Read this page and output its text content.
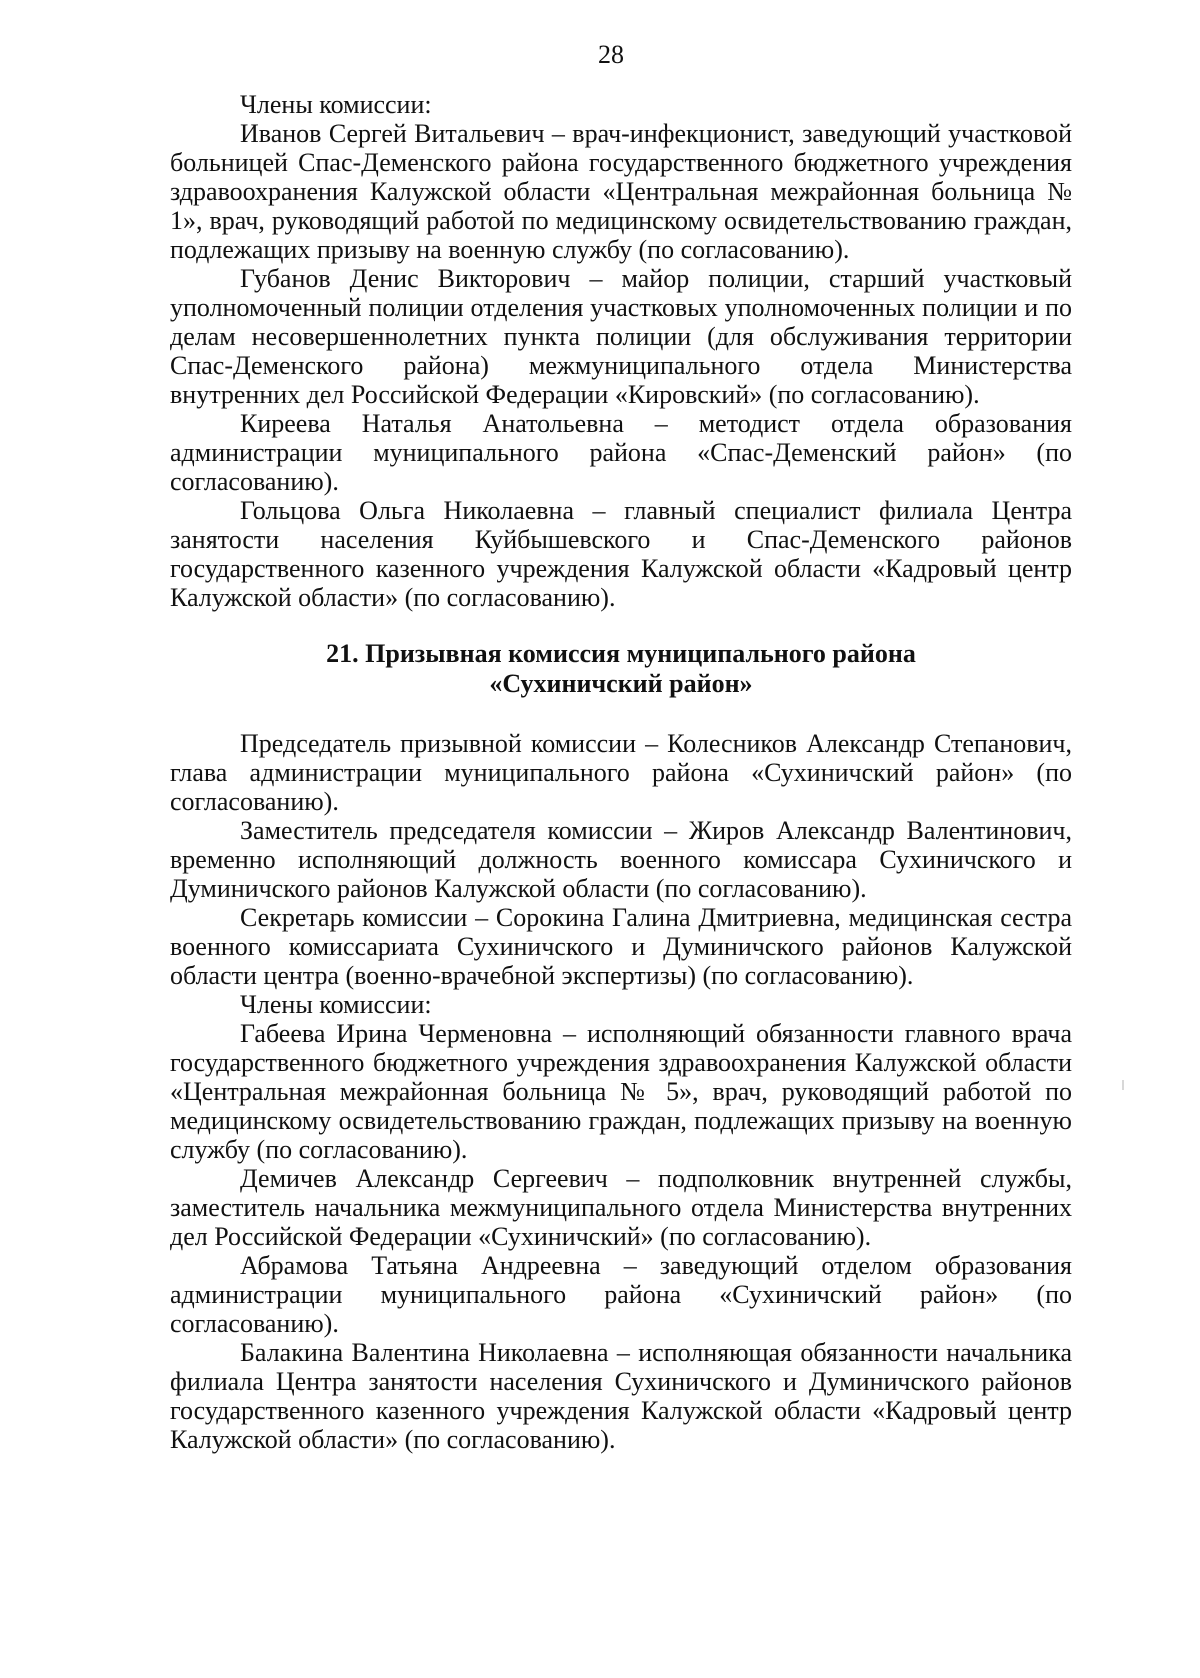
28

Члены комиссии:

Иванов Сергей Витальевич – врач-инфекционист, заведующий участковой больницей Спас-Деменского района государственного бюджетного учреждения здравоохранения Калужской области «Центральная межрайонная больница № 1», врач, руководящий работой по медицинскому освидетельствованию граждан, подлежащих призыву на военную службу (по согласованию).

Губанов Денис Викторович – майор полиции, старший участковый уполномоченный полиции отделения участковых уполномоченных полиции и по делам несовершеннолетних пункта полиции (для обслуживания территории Спас-Деменского района) межмуниципального отдела Министерства внутренних дел Российской Федерации «Кировский» (по согласованию).

Киреева Наталья Анатольевна – методист отдела образования администрации муниципального района «Спас-Деменский район» (по согласованию).

Гольцова Ольга Николаевна – главный специалист филиала Центра занятости населения Куйбышевского и Спас-Деменского районов государственного казенного учреждения Калужской области «Кадровый центр Калужской области» (по согласованию).

21. Призывная комиссия муниципального района
«Сухиничский район»

Председатель призывной комиссии – Колесников Александр Степанович, глава администрации муниципального района «Сухиничский район» (по согласованию).

Заместитель председателя комиссии – Жиров Александр Валентинович, временно исполняющий должность военного комиссара Сухиничского и Думиничского районов Калужской области (по согласованию).

Секретарь комиссии – Сорокина Галина Дмитриевна, медицинская сестра военного комиссариата Сухиничского и Думиничского районов Калужской области центра (военно-врачебной экспертизы) (по согласованию).

Члены комиссии:

Габеева Ирина Черменовна – исполняющий обязанности главного врача государственного бюджетного учреждения здравоохранения Калужской области «Центральная межрайонная больница № 5», врач, руководящий работой по медицинскому освидетельствованию граждан, подлежащих призыву на военную службу (по согласованию).

Демичев Александр Сергеевич – подполковник внутренней службы, заместитель начальника межмуниципального отдела Министерства внутренних дел Российской Федерации «Сухиничский» (по согласованию).

Абрамова Татьяна Андреевна – заведующий отделом образования администрации муниципального района «Сухиничский район» (по согласованию).

Балакина Валентина Николаевна – исполняющая обязанности начальника филиала Центра занятости населения Сухиничского и Думиничского районов государственного казенного учреждения Калужской области «Кадровый центр Калужской области» (по согласованию).
